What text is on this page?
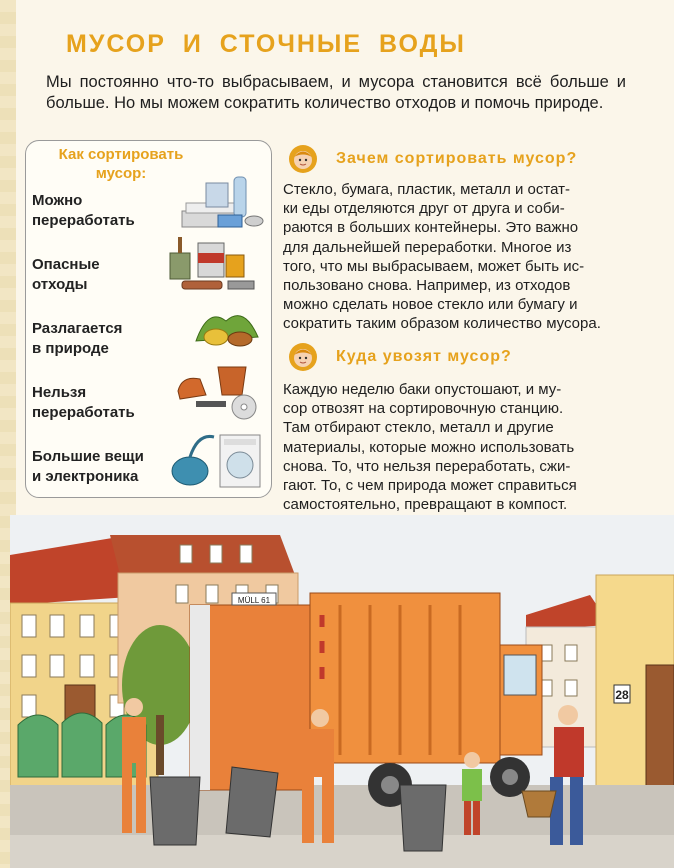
МУСОР И СТОЧНЫЕ ВОДЫ
Мы постоянно что-то выбрасываем, и мусора становится всё больше и больше. Но мы можем сократить количество отходов и помочь природе.
Как сортировать
мусор:
Можно
переработать
Опасные
отходы
Разлагается
в природе
Нельзя
переработать
Большие вещи
и электроника
Зачем сортировать мусор?
Стекло, бумага, пластик, металл и остат-
ки еды отделяются друг от друга и соби-
раются в больших контейнеры. Это важно
для дальнейшей переработки. Многое из
того, что мы выбрасываем, может быть ис-
пользовано снова. Например, из отходов
можно сделать новое стекло или бумагу и
сократить таким образом количество мусора.
Куда увозят мусор?
Каждую неделю баки опустошают, и му-
сор отвозят на сортировочную станцию.
Там отбирают стекло, металл и другие
материалы, которые можно использовать
снова. То, что нельзя переработать, сжи-
гают. То, с чем природа может справиться
самостоятельно, превращают в компост.
28
MÜLL 61
